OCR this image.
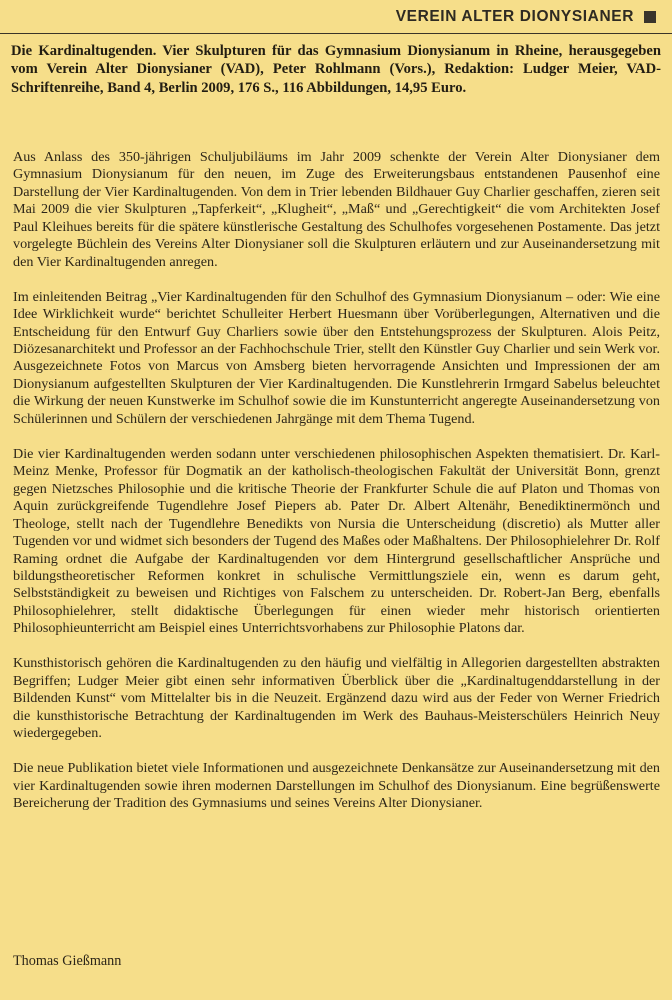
VEREIN ALTER DIONYSIANER
Die Kardinaltugenden. Vier Skulpturen für das Gymnasium Dionysianum in Rheine, herausgegeben vom Verein Alter Dionysianer (VAD), Peter Rohlmann (Vors.), Redaktion: Ludger Meier, VAD-Schriftenreihe, Band 4, Berlin 2009, 176 S., 116 Abbildungen, 14,95 Euro.

Aus Anlass des 350-jährigen Schuljubiläums im Jahr 2009 schenkte der Verein Alter Dionysianer dem Gymnasium Dionysianum für den neuen, im Zuge des Erweiterungsbaus entstandenen Pausenhof eine Darstellung der Vier Kardinaltugenden. Von dem in Trier lebenden Bildhauer Guy Charlier geschaffen, zieren seit Mai 2009 die vier Skulpturen „Tapferkeit“, „Klugheit“, „Maß“ und „Gerechtigkeit“ die vom Architekten Josef Paul Kleihues bereits für die spätere künstlerische Gestaltung des Schulhofes vorgesehenen Postamente. Das jetzt vorgelegte Büchlein des Vereins Alter Dionysianer soll die Skulpturen erläutern und zur Auseinandersetzung mit den Vier Kardinaltugenden anregen.

Im einleitenden Beitrag „Vier Kardinaltugenden für den Schulhof des Gymnasium Dionysianum – oder: Wie eine Idee Wirklichkeit wurde“ berichtet Schulleiter Herbert Huesmann über Vorüberlegungen, Alternativen und die Entscheidung für den Entwurf Guy Charliers sowie über den Entstehungsprozess der Skulpturen. Alois Peitz, Diözesanarchitekt und Professor an der Fachhochschule Trier, stellt den Künstler Guy Charlier und sein Werk vor. Ausgezeichnete Fotos von Marcus von Amsberg bieten hervorragende Ansichten und Impressionen der am Dionysianum aufgestellten Skulpturen der Vier Kardinaltugenden. Die Kunstlehrerin Irmgard Sabelus beleuchtet die Wirkung der neuen Kunstwerke im Schulhof sowie die im Kunstunterricht angeregte Auseinandersetzung von Schülerinnen und Schülern der verschiedenen Jahrgänge mit dem Thema Tugend.

Die vier Kardinaltugenden werden sodann unter verschiedenen philosophischen Aspekten thematisiert. Dr. Karl-Meinz Menke, Professor für Dogmatik an der katholisch-theologischen Fakultät der Universität Bonn, grenzt gegen Nietzsches Philosophie und die kritische Theorie der Frankfurter Schule die auf Platon und Thomas von Aquin zurückgreifende Tugendlehre Josef Piepers ab. Pater Dr. Albert Altenähr, Benediktinermönch und Theologe, stellt nach der Tugendlehre Benedikts von Nursia die Unterscheidung (discretio) als Mutter aller Tugenden vor und widmet sich besonders der Tugend des Maßes oder Maßhaltens. Der Philosophielehrer Dr. Rolf Raming ordnet die Aufgabe der Kardinaltugenden vor dem Hintergrund gesellschaftlicher Ansprüche und bildungstheoretischer Reformen konkret in schulische Vermittlungsziele ein, wenn es darum geht, Selbstständigkeit zu beweisen und Richtiges von Falschem zu unterscheiden. Dr. Robert-Jan Berg, ebenfalls Philosophielehrer, stellt didaktische Überlegungen für einen wieder mehr historisch orientierten Philosophieunterricht am Beispiel eines Unterrichtsvorhabens zur Philosophie Platons dar.

Kunsthistorisch gehören die Kardinaltugenden zu den häufig und vielfältig in Allegorien dargestellten abstrakten Begriffen; Ludger Meier gibt einen sehr informativen Überblick über die „Kardinaltugenddarstellung in der Bildenden Kunst“ vom Mittelalter bis in die Neuzeit. Ergänzend dazu wird aus der Feder von Werner Friedrich die kunsthistorische Betrachtung der Kardinaltugenden im Werk des Bauhaus-Meisterschülers Heinrich Neuy wiedergegeben.

Die neue Publikation bietet viele Informationen und ausgezeichnete Denkansätze zur Auseinandersetzung mit den vier Kardinaltugenden sowie ihren modernen Darstellungen im Schulhof des Dionysianum. Eine begrüßenswerte Bereicherung der Tradition des Gymnasiums und seines Vereins Alter Dionysianer.

Thomas Gießmann
